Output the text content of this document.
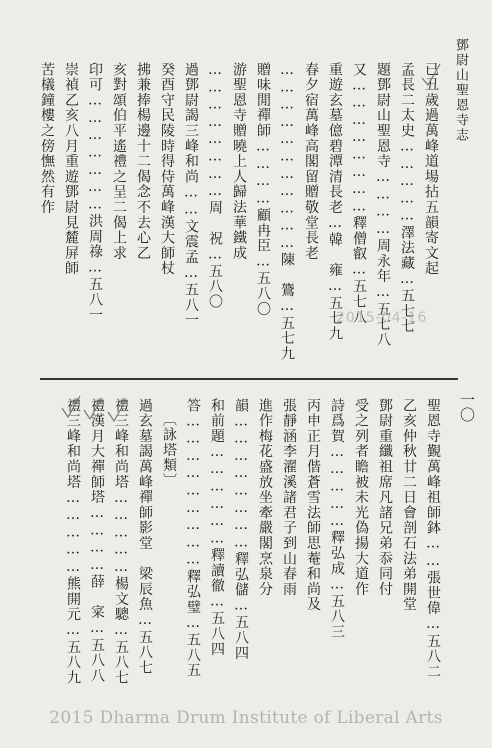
鄧尉山聖恩寺志
已丑歲過萬峰道場拈五韻寄文起
孟長二太史……………澤法藏…五七七
題鄧尉山聖恩寺…………周永年…五七八
又……………………釋僧叡…五七八
重遊玄墓億碧潭清長老…韓　雍…五七九
春夕宿萬峰高閣留贈敬堂長老
……………………………陳　鷟…五七九
贈味閒禪師…………顧冉臣…五八〇
游聖恩寺贈曉上人歸法華鐵成
……………………周　祝…五八〇
過鄧尉謁三峰和尚……文震孟…五八一
癸酉守民陵時得侍萬峰漢大師杖
拂兼捧楊邊十二偈念不去心乙
亥對頌伯平遙禮之呈二偈上求
印可…………………洪周祿…五八一
崇禎乙亥八月重遊鄧尉見麓屏師
苦檥鐘樓之傍憮然有作
2015-04-16
一〇
聖恩寺覲萬峰祖師鉢……張世偉…五八二
乙亥仲秋廿二日會剖石法弟開堂
鄧尉重纖祖席凡諸兄弟忝同付
受之列者瞻被未光偽揚大道作
詩爲賀……………釋弘成…五八三
丙申正月偕蒼雪法師思菴和尚及
張靜涵李濯溪諸君子到山春雨
進作梅花盛放坐牽嚴閣烹泉分
韻……………………釋弘儲…五八四
和前題………………釋讀徹…五八四
答………………………釋弘璧…五八五
〔詠塔類〕
過玄墓謁萬峰禪師影堂　梁辰魚…五八七
禮三峰和尚塔……………楊文驄…五八七
禮漢月大禪師塔…………薛　寀…五八八
禮三峰和尚塔……………熊開元…五八九
2015 Dharma Drum Institute of Liberal Arts
